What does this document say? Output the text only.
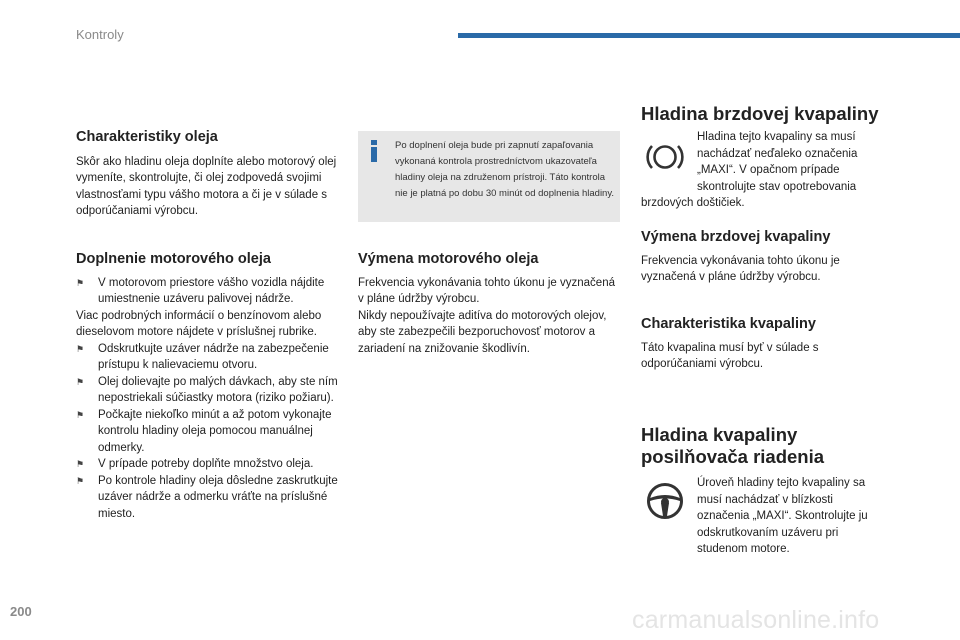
Kontroly
Charakteristiky oleja

Skôr ako hladinu oleja doplníte alebo motorový olej vymeníte, skontrolujte, či olej zodpovedá svojimi vlastnosťami typu vášho motora a či je v súlade s odporúčaniami výrobcu.

Doplnenie motorového oleja
⚑ V motorovom priestore vášho vozidla nájdite umiestnenie uzáveru palivovej nádrže.

Viac podrobných informácií o benzínovom alebo dieselovom motore nájdete v príslušnej rubrike.

⚑ Odskrutkujte uzáver nádrže na zabezpečenie prístupu k nalievaciemu otvoru.
⚑ Olej dolievajte po malých dávkach, aby ste ním nepostriekali súčiastky motora (riziko požiaru).
⚑ Počkajte niekoľko minút a až potom vykonajte kontrolu hladiny oleja pomocou manuálnej odmerky.
⚑ V prípade potreby doplňte množstvo oleja.
⚑ Po kontrole hladiny oleja dôsledne zaskrutkujte uzáver nádrže a odmerku vráťte na príslušné miesto.
Po doplnení oleja bude pri zapnutí zapaľovania vykonaná kontrola prostredníctvom ukazovateľa hladiny oleja na združenom prístroji. Táto kontrola nie je platná po dobu 30 minút od doplnenia hladiny.
Výmena motorového oleja

Frekvencia vykonávania tohto úkonu je vyznačená v pláne údržby výrobcu.

Nikdy nepoužívajte aditíva do motorových olejov, aby ste zabezpečili bezporuchovosť motorov a zariadení na znižovanie škodlivín.

Hladina brzdovej kvapaliny
Hladina tejto kvapaliny sa musí nachádzať neďaleko označenia „MAXI“. V opačnom prípade skontrolujte stav opotrebovania
brzdových doštičiek.
Výmena brzdovej kvapaliny

Frekvencia vykonávania tohto úkonu je vyznačená v pláne údržby výrobcu.

Charakteristika kvapaliny

Táto kvapalina musí byť v súlade s odporúčaniami výrobcu.

Hladina kvapaliny
posilňovača riadenia
Úroveň hladiny tejto kvapaliny sa musí nachádzať v blízkosti označenia „MAXI“. Skontrolujte ju odskrutkovaním uzáveru pri studenom motore.
200	carmanualsonline.info
